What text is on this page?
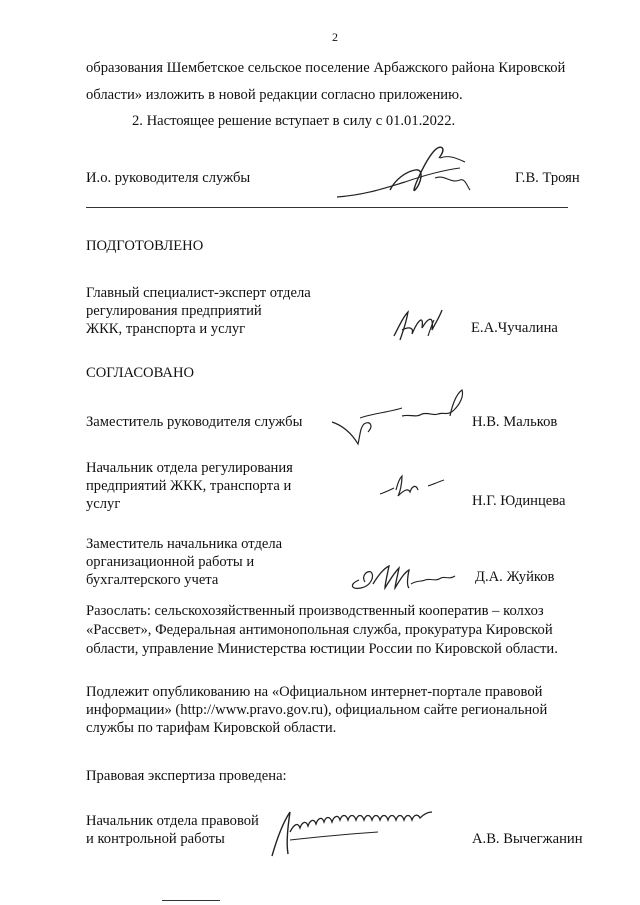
2
образования Шембетское сельское поселение Арбажского района Кировской
области» изложить в новой редакции согласно приложению.
2. Настоящее решение вступает в силу с 01.01.2022.
И.о. руководителя службы	Г.В. Троян
ПОДГОТОВЛЕНО
Главный специалист-эксперт отдела
регулирования предприятий
ЖКК, транспорта и услуг	Е.А.Чучалина
СОГЛАСОВАНО
Заместитель руководителя службы	Н.В. Мальков
Начальник отдела регулирования
предприятий ЖКК, транспорта и
услуг	Н.Г. Юдинцева
Заместитель начальника отдела
организационной работы и
бухгалтерского учета	Д.А. Жуйков
Разослать: сельскохозяйственный производственный кооператив – колхоз
«Рассвет», Федеральная антимонопольная служба, прокуратура Кировской
области, управление Министерства юстиции России по Кировской области.
Подлежит опубликованию на «Официальном интернет-портале правовой
информации» (http://www.pravo.gov.ru), официальном сайте региональной
службы по тарифам Кировской области.
Правовая экспертиза проведена:
Начальник отдела правовой
и контрольной работы	А.В. Вычегжанин
